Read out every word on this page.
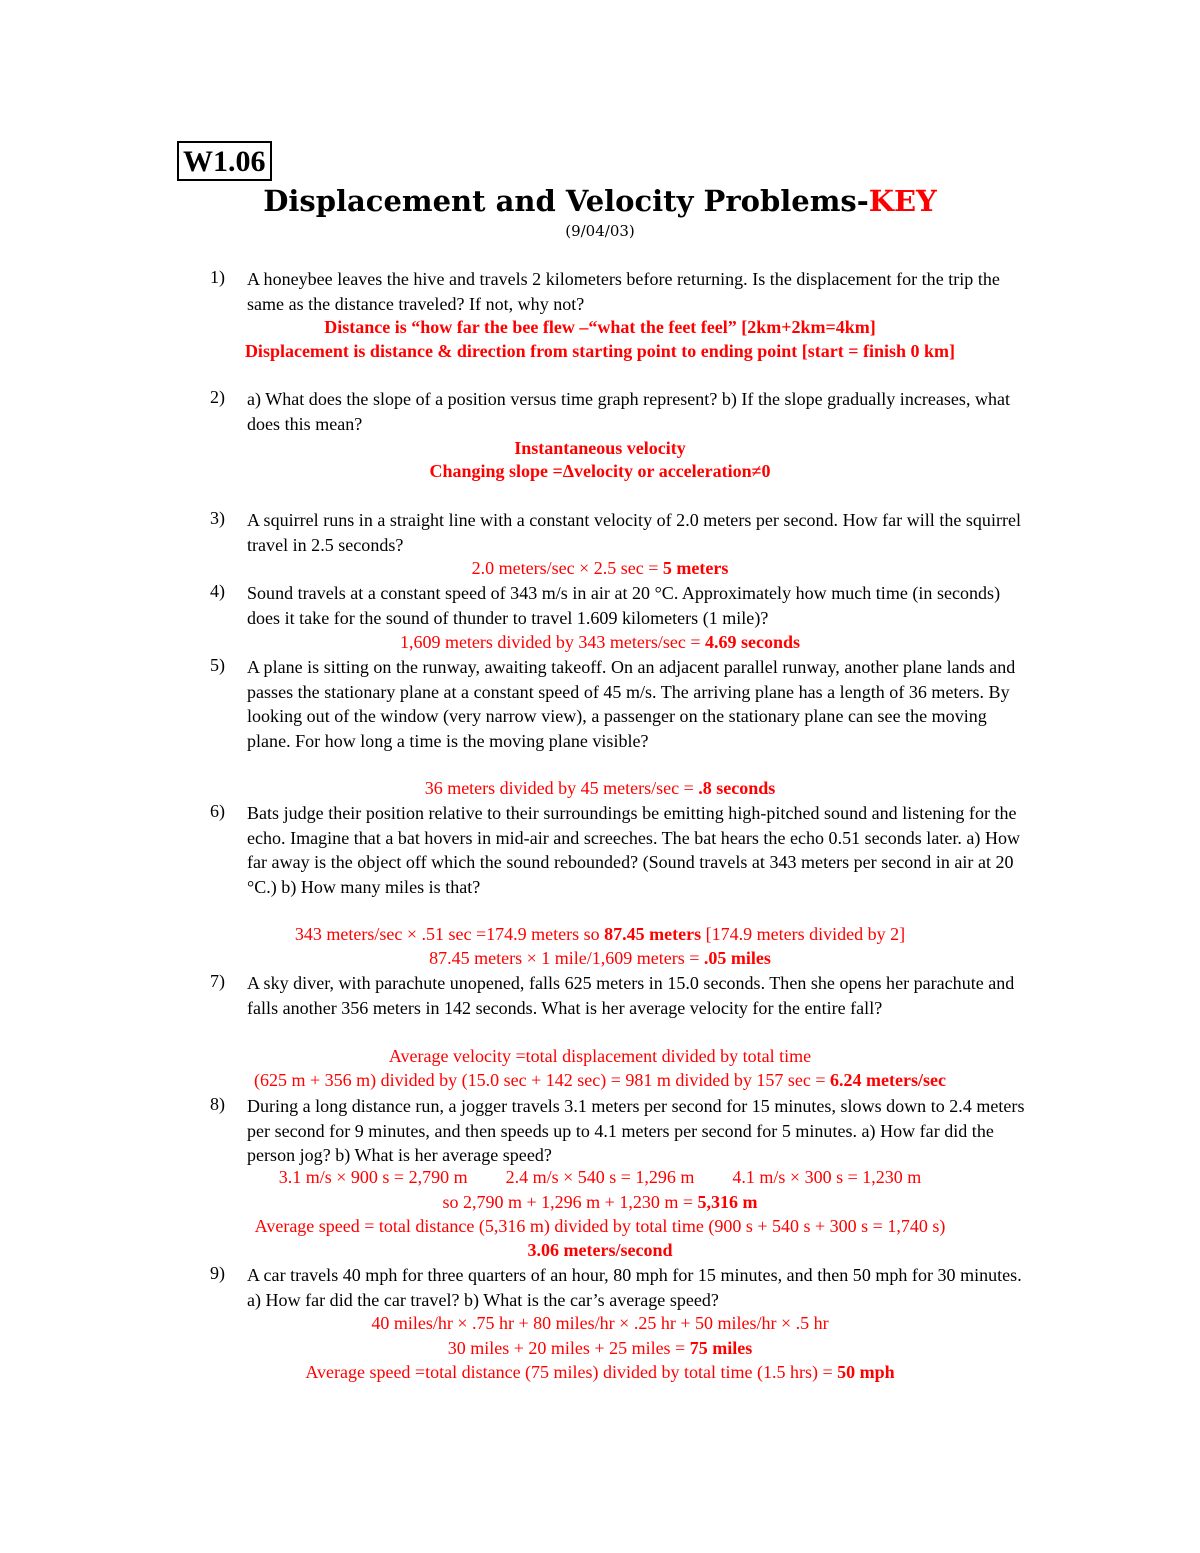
W1.06
Displacement and Velocity Problems-KEY
(9/04/03)
1)	A honeybee leaves the hive and travels 2 kilometers before returning. Is the displacement for the trip the same as the distance traveled? If not, why not?
Distance is “how far the bee flew –“what the feet feel” [2km+2km=4km]
Displacement is distance & direction from starting point to ending point [start = finish 0 km]
2)	a) What does the slope of a position versus time graph represent? b) If the slope gradually increases, what does this mean?
Instantaneous velocity
Changing slope =Δvelocity or acceleration≠0
3)	A squirrel runs in a straight line with a constant velocity of 2.0 meters per second. How far will the squirrel travel in 2.5 seconds?
2.0 meters/sec × 2.5 sec = 5 meters
4)	Sound travels at a constant speed of 343 m/s in air at 20 °C. Approximately how much time (in seconds) does it take for the sound of thunder to travel 1.609 kilometers (1 mile)?
1,609 meters divided by 343 meters/sec = 4.69 seconds
5)	A plane is sitting on the runway, awaiting takeoff. On an adjacent parallel runway, another plane lands and passes the stationary plane at a constant speed of 45 m/s. The arriving plane has a length of 36 meters. By looking out of the window (very narrow view), a passenger on the stationary plane can see the moving plane. For how long a time is the moving plane visible?
36 meters divided by 45 meters/sec = .8 seconds
6)	Bats judge their position relative to their surroundings be emitting high-pitched sound and listening for the echo. Imagine that a bat hovers in mid-air and screeches. The bat hears the echo 0.51 seconds later. a) How far away is the object off which the sound rebounded? (Sound travels at 343 meters per second in air at 20 °C.) b) How many miles is that?
343 meters/sec × .51 sec =174.9 meters so 87.45 meters [174.9 meters divided by 2]
87.45 meters × 1 mile/1,609 meters = .05 miles
7)	A sky diver, with parachute unopened, falls 625 meters in 15.0 seconds. Then she opens her parachute and falls another 356 meters in 142 seconds. What is her average velocity for the entire fall?
Average velocity =total displacement divided by total time
(625 m + 356 m) divided by (15.0 sec + 142 sec) = 981 m divided by 157 sec = 6.24 meters/sec
8)	During a long distance run, a jogger travels 3.1 meters per second for 15 minutes, slows down to 2.4 meters per second for 9 minutes, and then speeds up to 4.1 meters per second for 5 minutes. a) How far did the person jog? b) What is her average speed?
3.1 m/s × 900 s = 2,790 m 2.4 m/s × 540 s = 1,296 m 4.1 m/s × 300 s = 1,230 m
so 2,790 m + 1,296 m + 1,230 m = 5,316 m
Average speed = total distance (5,316 m) divided by total time (900 s + 540 s + 300 s = 1,740 s)
3.06 meters/second
9)	A car travels 40 mph for three quarters of an hour, 80 mph for 15 minutes, and then 50 mph for 30 minutes. a) How far did the car travel? b) What is the car’s average speed?
40 miles/hr × .75 hr + 80 miles/hr × .25 hr + 50 miles/hr × .5 hr
30 miles + 20 miles + 25 miles = 75 miles
Average speed =total distance (75 miles) divided by total time (1.5 hrs) = 50 mph
